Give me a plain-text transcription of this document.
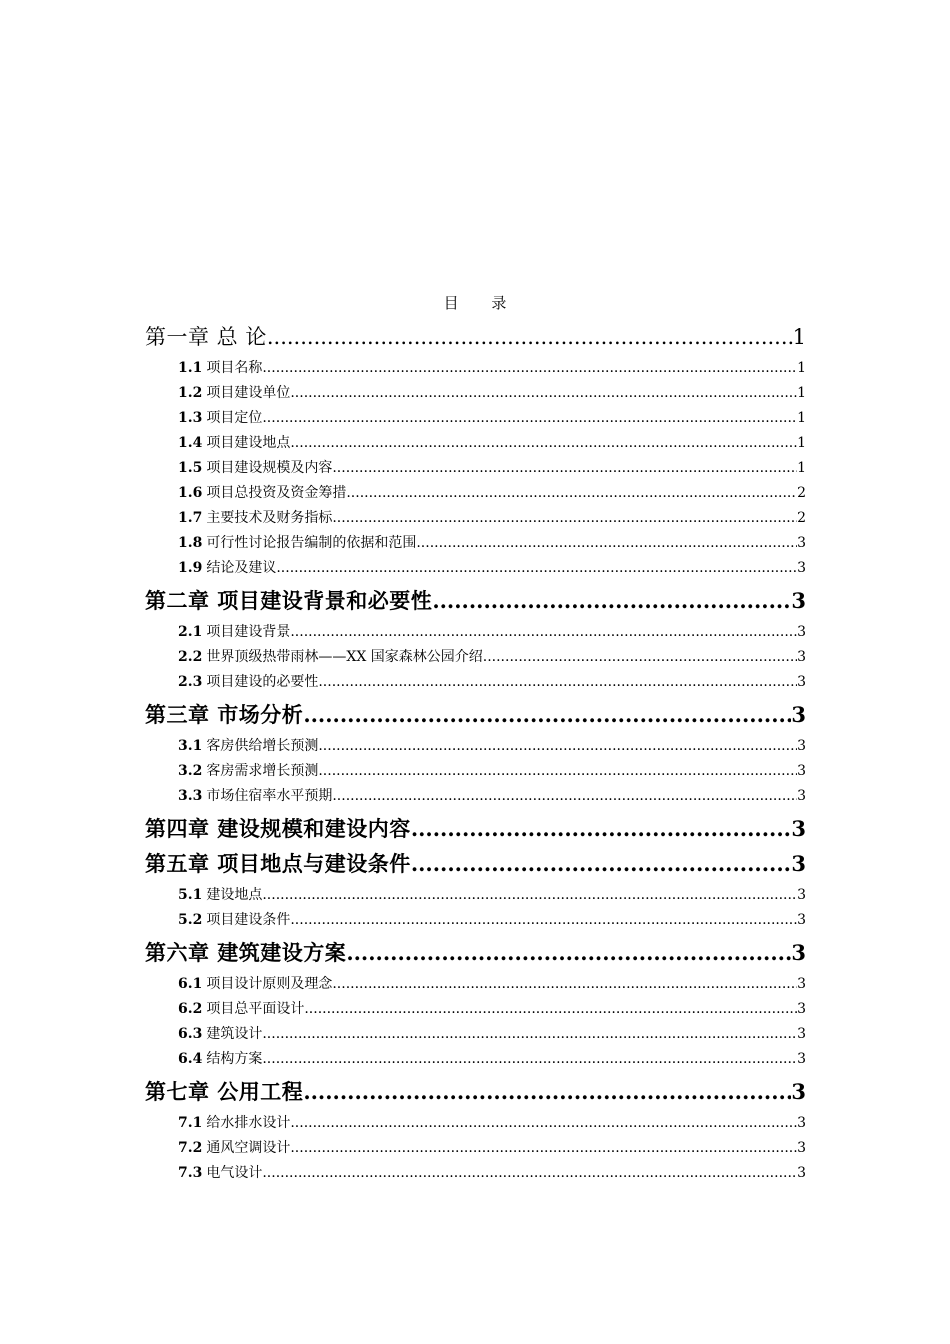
目 录
第一章 总 论 .....	1
1.1 项目名称 .....	1
1.2 项目建设单位 .....	1
1.3 项目定位 .....	1
1.4 项目建设地点 .....	1
1.5 项目建设规模及内容 .....	1
1.6 项目总投资及资金筹措 .....	2
1.7 主要技术及财务指标 .....	2
1.8 可行性讨论报告编制的依据和范围 .....	3
1.9 结论及建议 .....	3
第二章 项目建设背景和必要性 .....	3
2.1 项目建设背景 .....	3
2.2 世界顶级热带雨林——XX 国家森林公园介绍 .....	3
2.3 项目建设的必要性 .....	3
第三章 市场分析 .....	3
3.1 客房供给增长预测 .....	3
3.2 客房需求增长预测 .....	3
3.3 市场住宿率水平预期 .....	3
第四章 建设规模和建设内容 .....	3
第五章 项目地点与建设条件 .....	3
5.1 建设地点 .....	3
5.2 项目建设条件 .....	3
第六章 建筑建设方案 .....	3
6.1 项目设计原则及理念 .....	3
6.2 项目总平面设计 .....	3
6.3 建筑设计 .....	3
6.4 结构方案 .....	3
第七章 公用工程 .....	3
7.1 给水排水设计 .....	3
7.2 通风空调设计 .....	3
7.3 电气设计 .....	3
